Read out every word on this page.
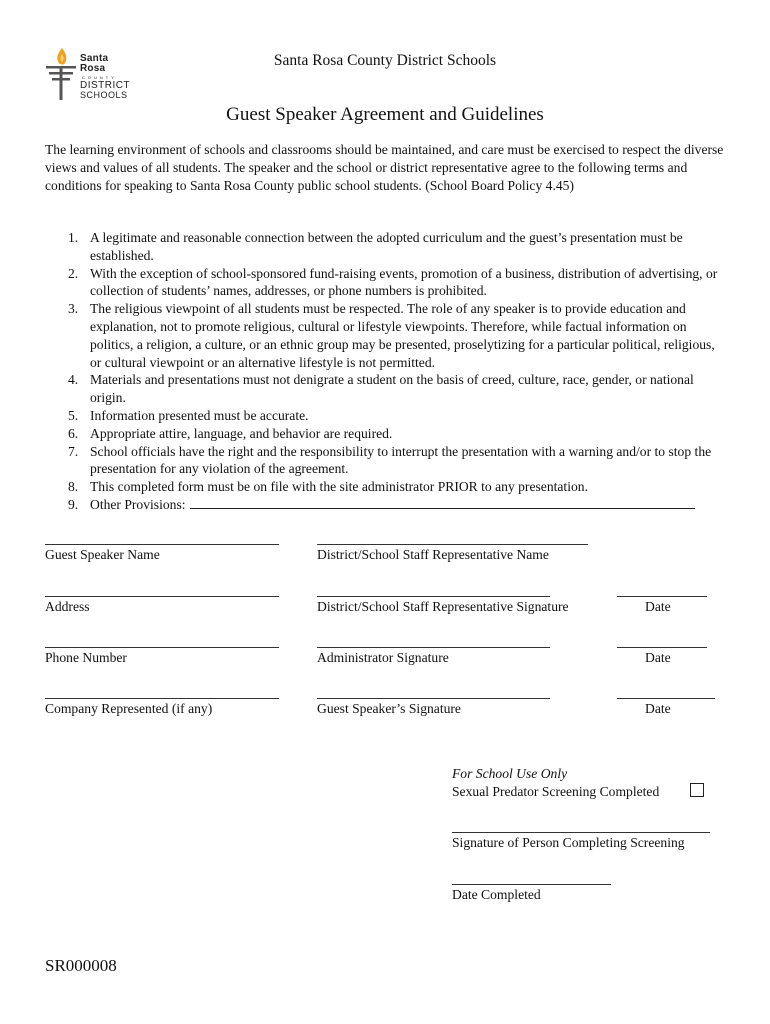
Santa Rosa
COUNTY
DISTRICT
SCHOOLS
Santa Rosa County District Schools
Guest Speaker Agreement and Guidelines
The learning environment of schools and classrooms should be maintained, and care must be exercised to respect the diverse views and values of all students. The speaker and the school or district representative agree to the following terms and conditions for speaking to Santa Rosa County public school students. (School Board Policy 4.45)
1. A legitimate and reasonable connection between the adopted curriculum and the guest’s presentation must be established.
2. With the exception of school-sponsored fund-raising events, promotion of a business, distribution of advertising, or collection of students’ names, addresses, or phone numbers is prohibited.
3. The religious viewpoint of all students must be respected. The role of any speaker is to provide education and explanation, not to promote religious, cultural or lifestyle viewpoints. Therefore, while factual information on politics, a religion, a culture, or an ethnic group may be presented, proselytizing for a particular political, religious, or cultural viewpoint or an alternative lifestyle is not permitted.
4. Materials and presentations must not denigrate a student on the basis of creed, culture, race, gender, or national origin.
5. Information presented must be accurate.
6. Appropriate attire, language, and behavior are required.
7. School officials have the right and the responsibility to interrupt the presentation with a warning and/or to stop the presentation for any violation of the agreement.
8. This completed form must be on file with the site administrator PRIOR to any presentation.
9. Other Provisions:
Guest Speaker Name	District/School Staff Representative Name
Address	District/School Staff Representative Signature	Date
Phone Number	Administrator Signature	Date
Company Represented (if any)	Guest Speaker’s Signature	Date
For School Use Only
Sexual Predator Screening Completed
Signature of Person Completing Screening
Date Completed
SR000008
